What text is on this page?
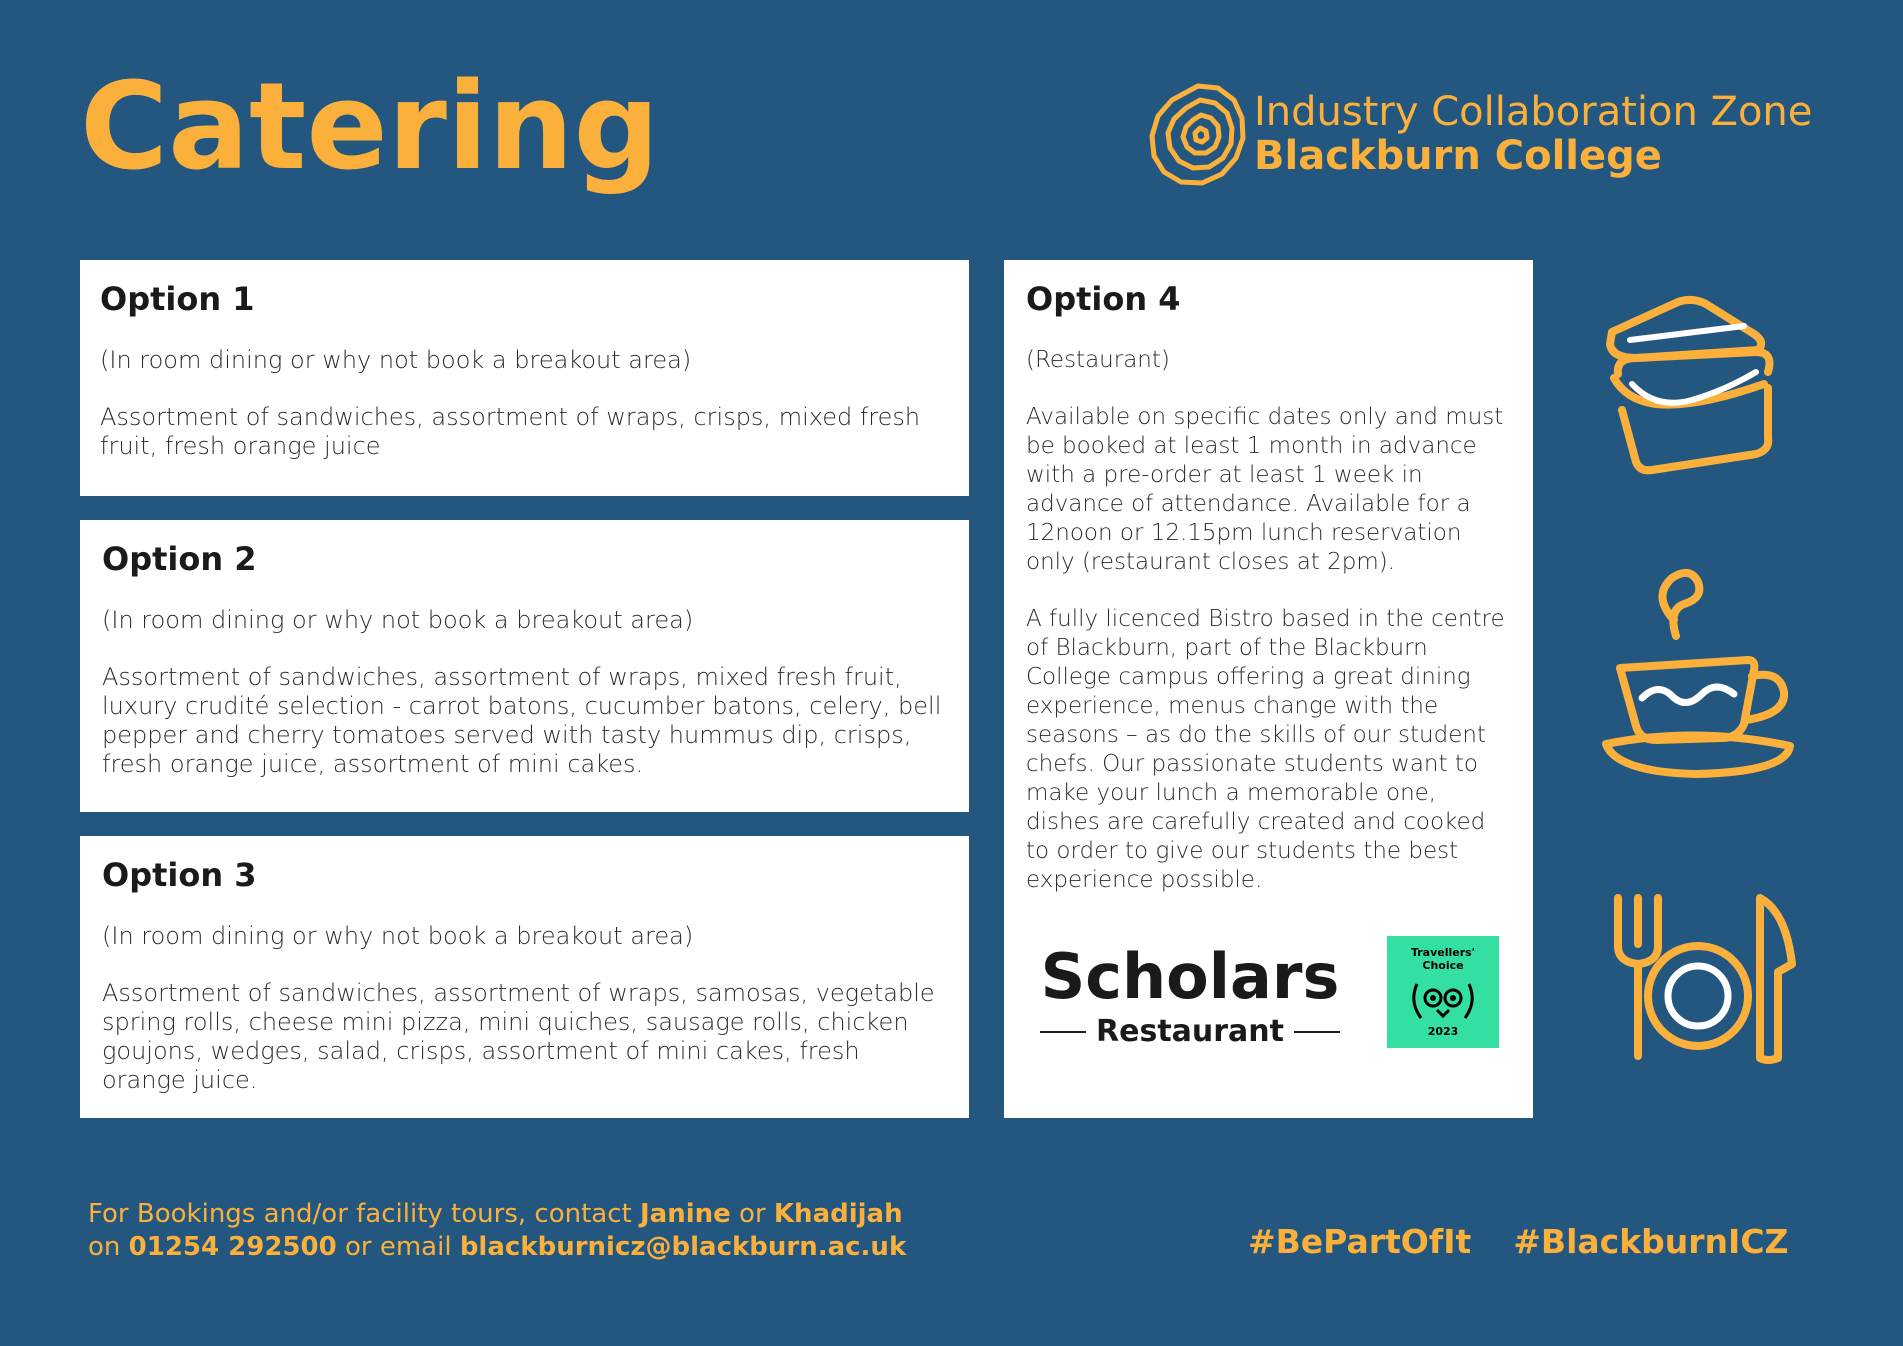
Catering	Industry Collaboration Zone
Blackburn College
Option 1

(In room dining or why not book a breakout area)

Assortment of sandwiches, assortment of wraps, crisps, mixed fresh fruit, fresh orange juice

Option 2

(In room dining or why not book a breakout area)

Assortment of sandwiches, assortment of wraps, mixed fresh fruit, luxury crudité selection - carrot batons, cucumber batons, celery, bell pepper and cherry tomatoes served with tasty hummus dip, crisps, fresh orange juice, assortment of mini cakes.

Option 3

(In room dining or why not book a breakout area)

Assortment of sandwiches, assortment of wraps, samosas, vegetable spring rolls, cheese mini pizza, mini quiches, sausage rolls, chicken goujons, wedges, salad, crisps, assortment of mini cakes, fresh orange juice.

Option 4

(Restaurant)

Available on specific dates only and must be booked at least 1 month in advance with a pre-order at least 1 week in advance of attendance. Available for a 12noon or 12.15pm lunch reservation only (restaurant closes at 2pm).

A fully licenced Bistro based in the centre of Blackburn, part of the Blackburn College campus offering a great dining experience, menus change with the seasons – as do the skills of our student chefs. Our passionate students want to make your lunch a memorable one, dishes are carefully created and cooked to order to give our students the best experience possible.

Scholars
Restaurant
Travellers'
Choice
2023
For Bookings and/or facility tours, contact Janine or Khadijah
on 01254 292500 or email blackburnicz@blackburn.ac.uk	#BePartOfIt #BlackburnICZ
